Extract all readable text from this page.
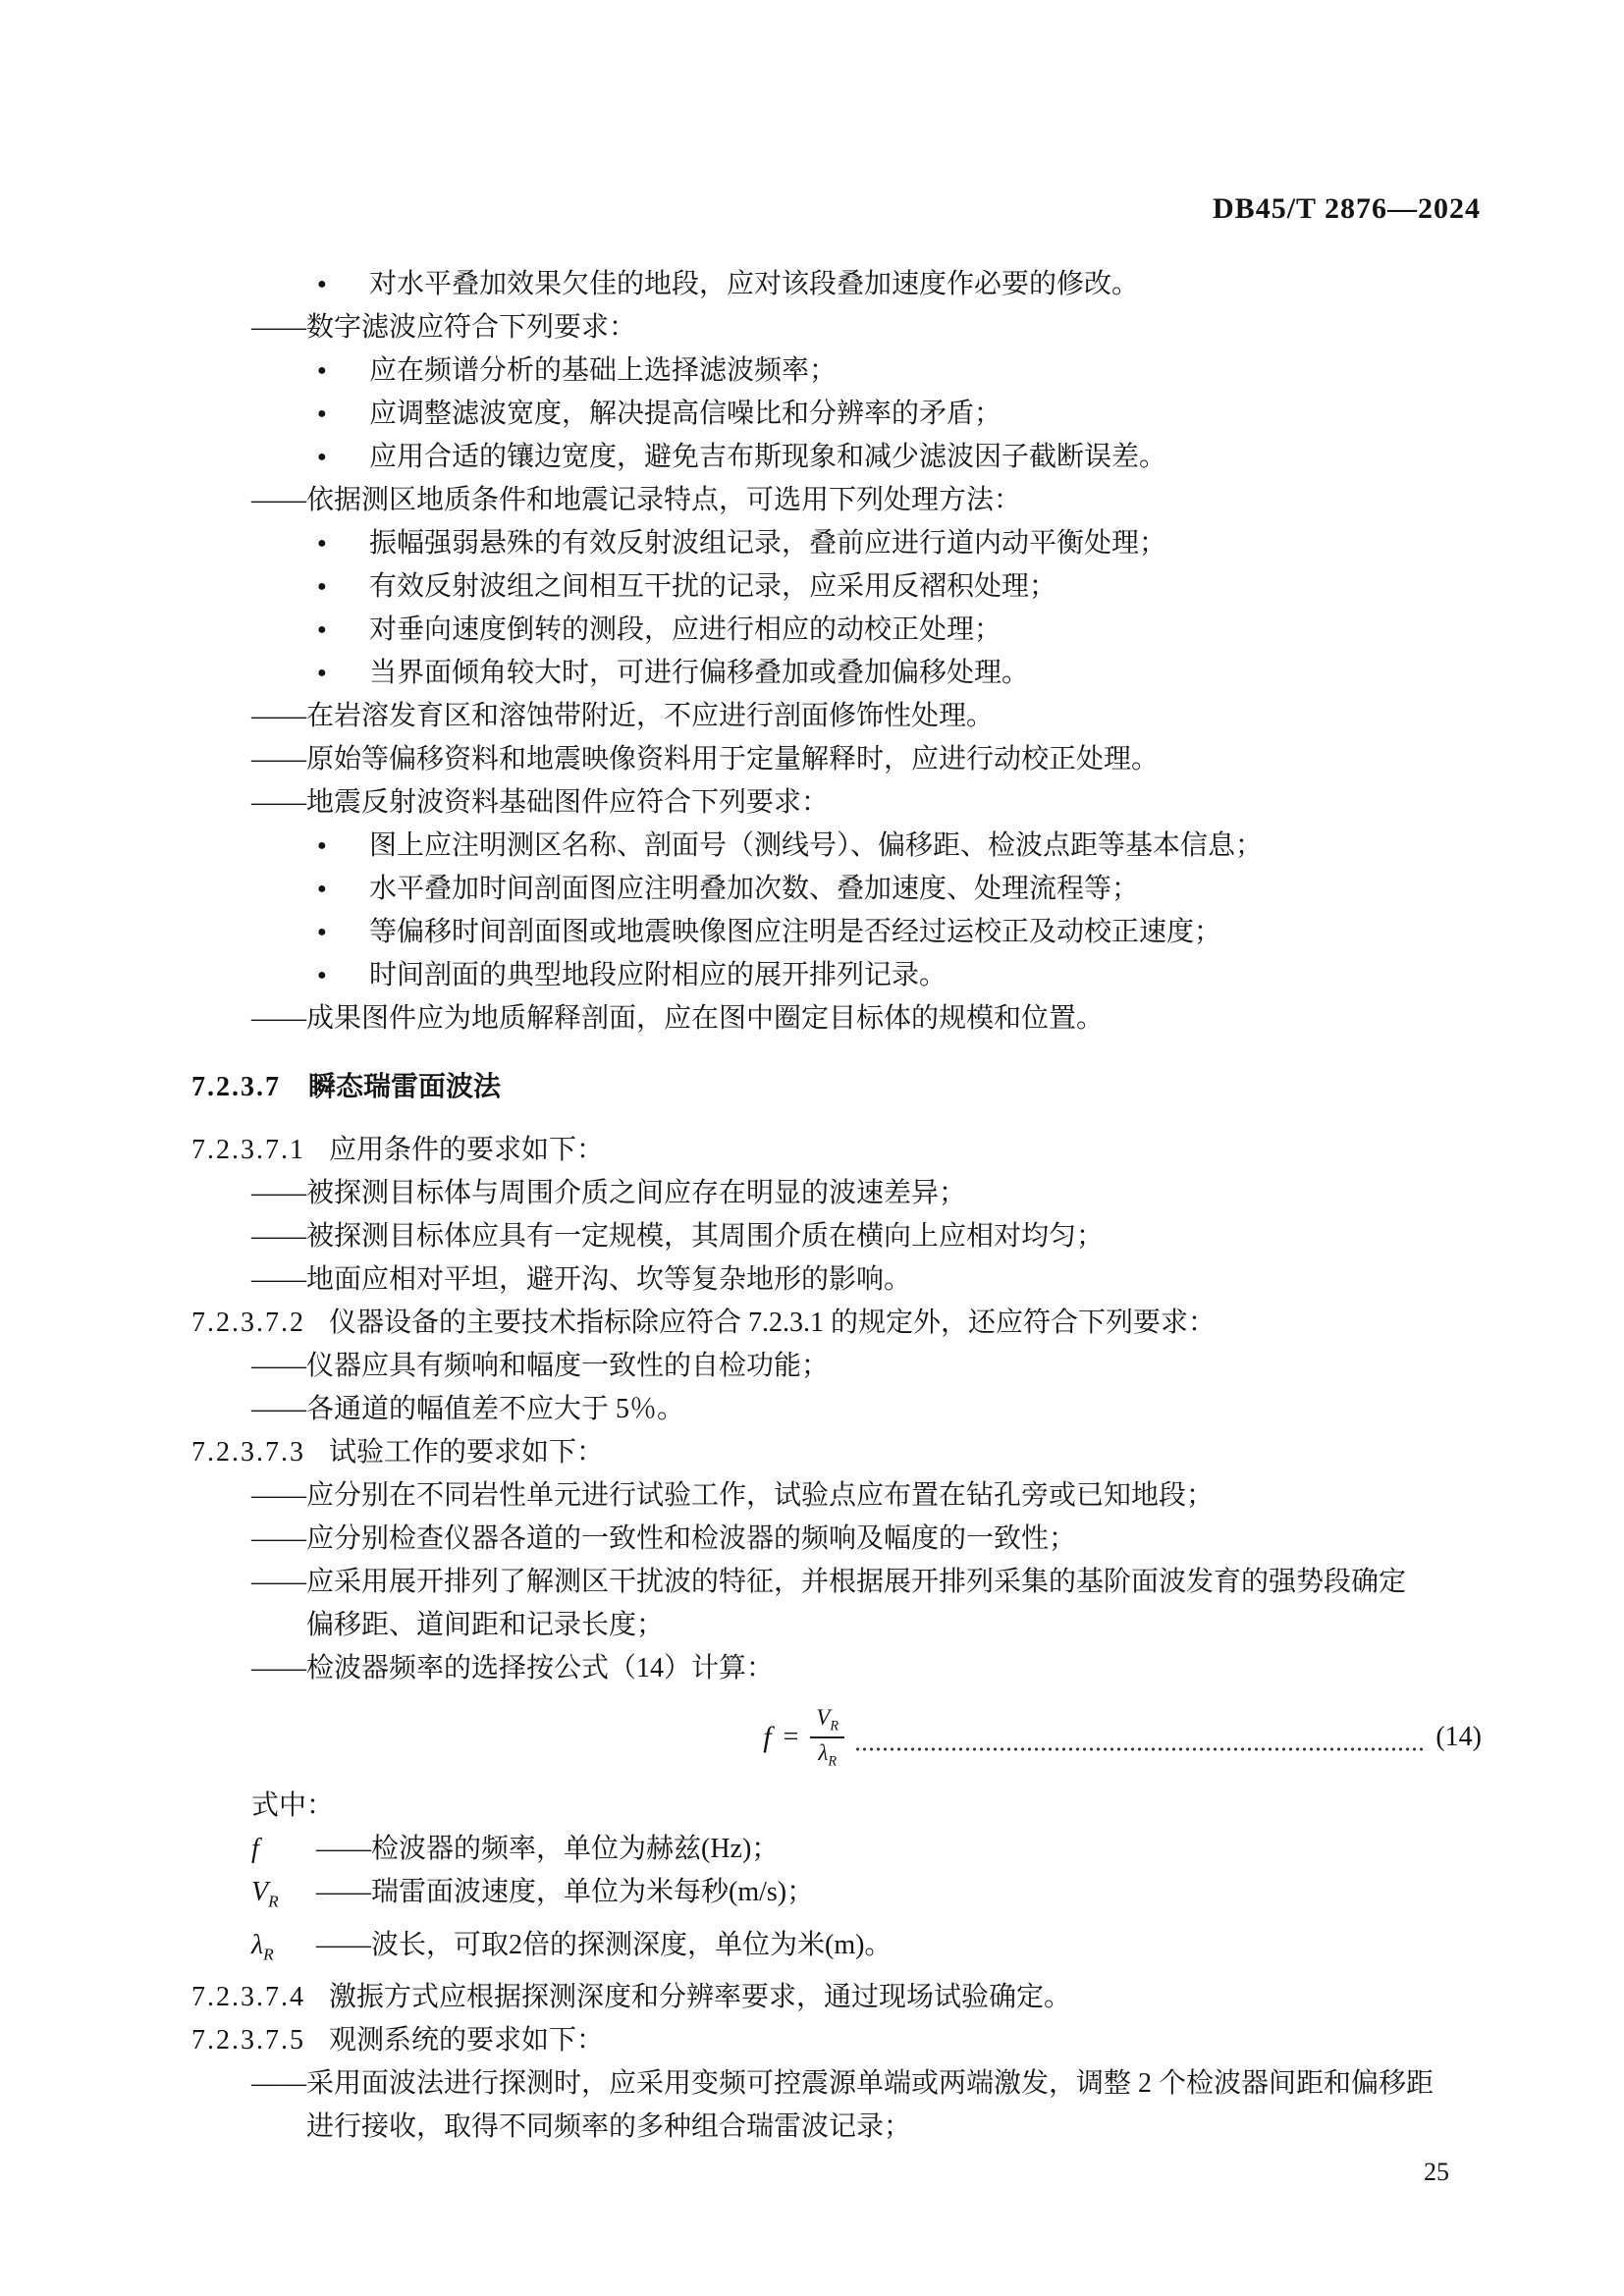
DB45/T 2876—2024
●	对水平叠加效果欠佳的地段，应对该段叠加速度作必要的修改。
——数字滤波应符合下列要求：
●	应在频谱分析的基础上选择滤波频率；
●	应调整滤波宽度，解决提高信噪比和分辨率的矛盾；
●	应用合适的镶边宽度，避免吉布斯现象和减少滤波因子截断误差。
——依据测区地质条件和地震记录特点，可选用下列处理方法：
●	振幅强弱悬殊的有效反射波组记录，叠前应进行道内动平衡处理；
●	有效反射波组之间相互干扰的记录，应采用反褶积处理；
●	对垂向速度倒转的测段，应进行相应的动校正处理；
●	当界面倾角较大时，可进行偏移叠加或叠加偏移处理。
——在岩溶发育区和溶蚀带附近，不应进行剖面修饰性处理。
——原始等偏移资料和地震映像资料用于定量解释时，应进行动校正处理。
——地震反射波资料基础图件应符合下列要求：
●	图上应注明测区名称、剖面号（测线号）、偏移距、检波点距等基本信息；
●	水平叠加时间剖面图应注明叠加次数、叠加速度、处理流程等；
●	等偏移时间剖面图或地震映像图应注明是否经过运校正及动校正速度；
●	时间剖面的典型地段应附相应的展开排列记录。
——成果图件应为地质解释剖面，应在图中圈定目标体的规模和位置。
7.2.3.7 瞬态瑞雷面波法
7.2.3.7.1 应用条件的要求如下：
——被探测目标体与周围介质之间应存在明显的波速差异；
——被探测目标体应具有一定规模，其周围介质在横向上应相对均匀；
——地面应相对平坦，避开沟、坎等复杂地形的影响。
7.2.3.7.2 仪器设备的主要技术指标除应符合 7.2.3.1 的规定外，还应符合下列要求：
——仪器应具有频响和幅度一致性的自检功能；
——各通道的幅值差不应大于 5％。
7.2.3.7.3 试验工作的要求如下：
——应分别在不同岩性单元进行试验工作，试验点应布置在钻孔旁或已知地段；
——应分别检查仪器各道的一致性和检波器的频响及幅度的一致性；
——应采用展开排列了解测区干扰波的特征，并根据展开排列采集的基阶面波发育的强势段确定
偏移距、道间距和记录长度；
——检波器频率的选择按公式（14）计算：
$f = \frac{V_R}{\lambda_R}$	(14)
式中：
f	——检波器的频率，单位为赫兹(Hz)；
$V_R$	——瑞雷面波速度，单位为米每秒(m/s)；
$\lambda_R$	——波长，可取2倍的探测深度，单位为米(m)。
7.2.3.7.4 激振方式应根据探测深度和分辨率要求，通过现场试验确定。
7.2.3.7.5 观测系统的要求如下：
——采用面波法进行探测时，应采用变频可控震源单端或两端激发，调整 2 个检波器间距和偏移距
进行接收，取得不同频率的多种组合瑞雷波记录；
25
